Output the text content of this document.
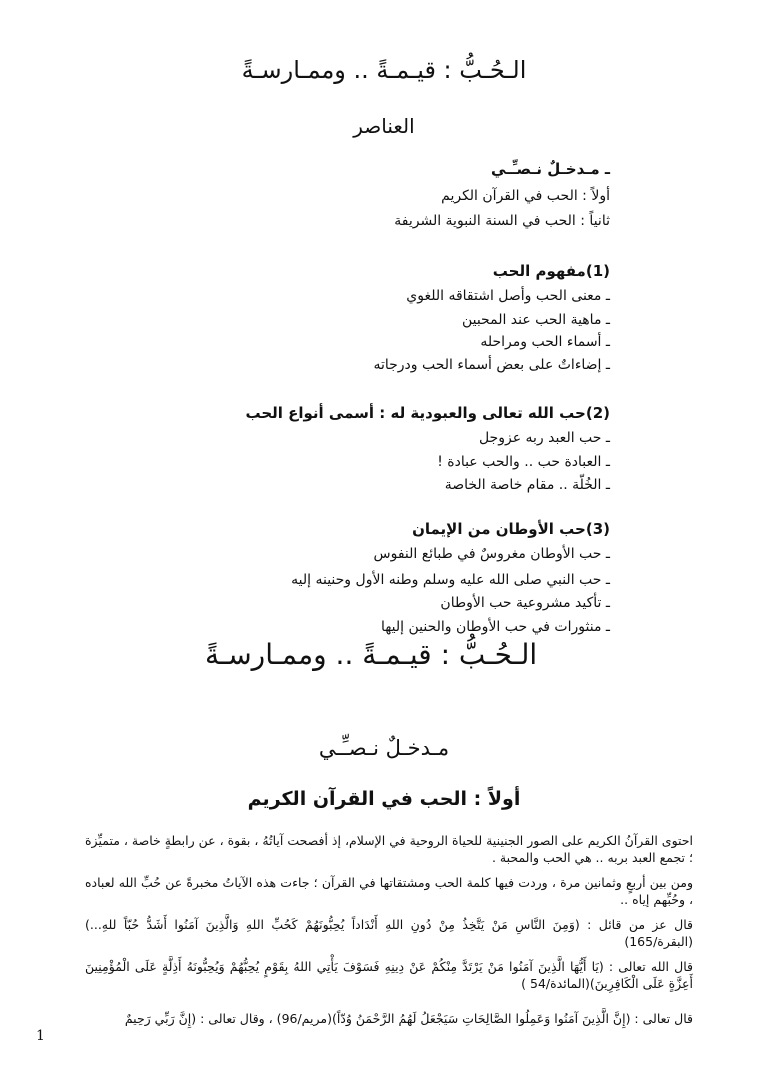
الـحُـبُّ : قيـمـةً .. وممـارسـةً
العناصر
ـ مـدخـلٌ نـصـِّـي
أولاً : الحب في القرآن الكريم
ثانياً : الحب في السنة النبوية الشريفة
(1)مفهوم الحب
ـ معنى الحب وأصل اشتقاقه اللغوي
ـ ماهية الحب عند المحبين
ـ أسماء الحب ومراحله
ـ إضاءاتٌ على بعض أسماء الحب ودرجاته
(2)حب الله تعالى والعبودية له : أسمى أنواع الحب
ـ حب العبد ربه عزوجل
ـ العبادة حب .. والحب عبادة !
ـ الخُلّة .. مقام خاصة الخاصة
(3)حب الأوطان من الإيمان
ـ حب الأوطان مغروسٌ في طبائع النفوس
ـ حب النبي صلى الله عليه وسلم وطنه الأول وحنينه إليه
ـ تأكيد مشروعية حب الأوطان
ـ منثورات في حب الأوطان والحنين إليها
الـحُـبُّ : قيـمـةً .. وممـارسـةً
مـدخـلٌ نـصـِّـي
أولاً : الحب في القرآن الكريم
احتوى القرآنُ الكريم على الصور الجنينية للحياة الروحية في الإسلام، إذ أفصحت آياتُهُ ، بقوة ، عن رابطةٍ خاصة ، متميِّزة ؛ تجمع العبد بربه .. هي الحب والمحبة .
ومن بين أربعٍ وثمانين مرة ، وردت فيها كلمة الحب ومشتقاتها في القرآن ؛ جاءت هذه الآياتُ مخبرةً عن حُبِّ الله لعباده ، وحُبِّهم إياه ..
قال عز من قائل : (وَمِنَ النَّاسِ مَنْ يَتَّخِذُ مِنْ دُونِ اللهِ أَنْدَاداً يُحِبُّونَهُمْ كَحُبِّ اللهِ وَالَّذِينَ آمَنُوا أَشَدُّ حُبّاً للهِ...) (البقرة/165)
قال الله تعالى : (يَا أَيُّهَا الَّذِينَ آمَنُوا مَنْ يَرْتَدَّ مِنْكُمْ عَنْ دِينِهِ فَسَوْفَ يَأْتِي اللهُ بِقَوْمٍ يُحِبُّهُمْ وَيُحِبُّونَهُ أَذِلَّةٍ عَلَى الْمُؤْمِنِينَ أَعِزَّةٍ عَلَى الْكَافِرِينَ)(المائدة/54 )
قال تعالى : (إِنَّ الَّذِينَ آمَنُوا وَعَمِلُوا الصَّالِحَاتِ سَيَجْعَلُ لَهُمُ الرَّحْمَنُ وُدّاً)(مريم/96) ، وقال تعالى : (إِنَّ رَبِّي رَحِيمٌ
1
